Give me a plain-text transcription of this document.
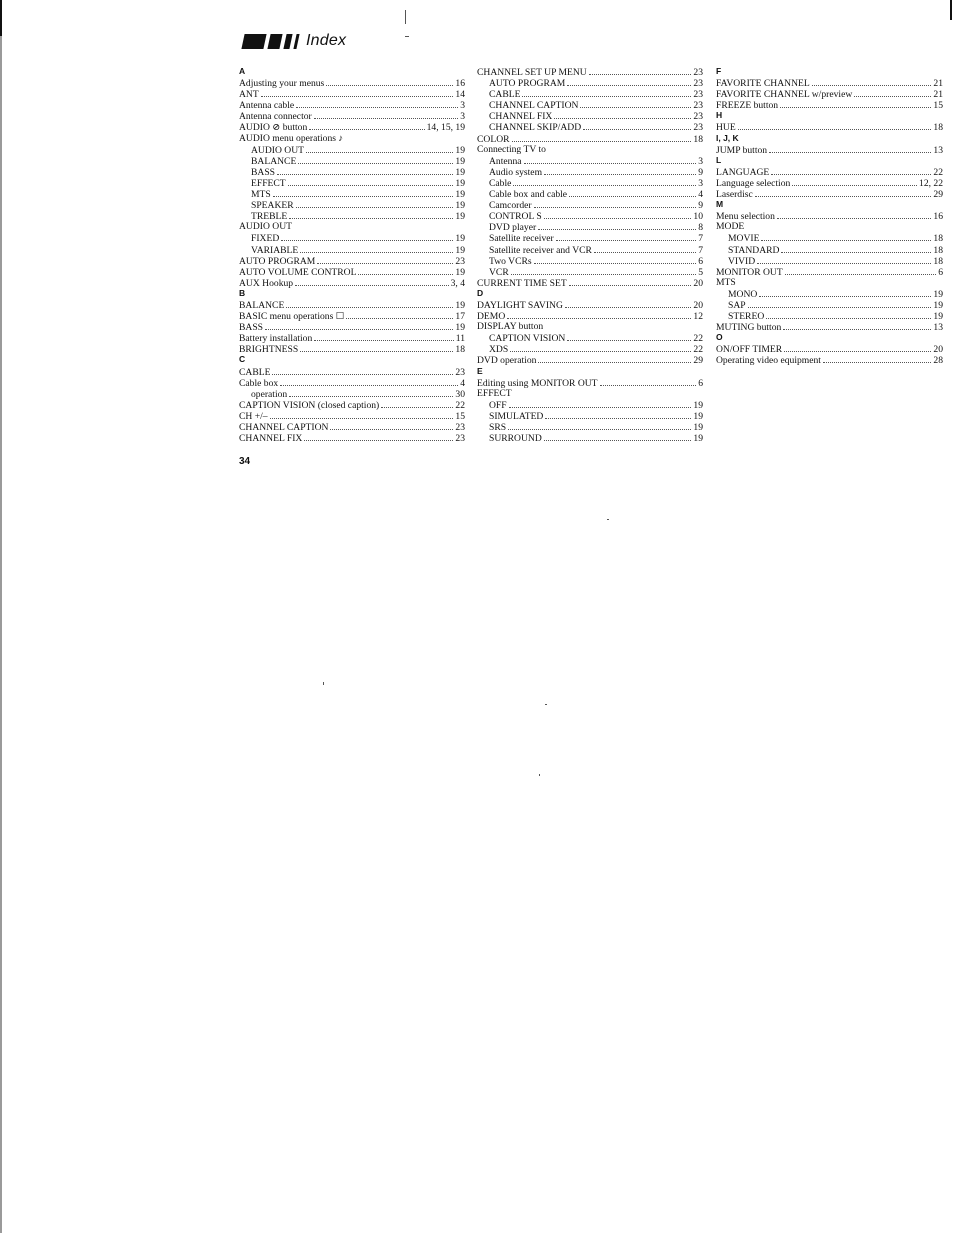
Index
A
Adjusting your menus	16
ANT	14
Antenna cable	3
Antenna connector	3
AUDIO ⊘ button	14, 15, 19
AUDIO menu operations ♪
AUDIO OUT	19
BALANCE	19
BASS	19
EFFECT	19
MTS	19
SPEAKER	19
TREBLE	19
AUDIO OUT
FIXED	19
VARIABLE	19
AUTO PROGRAM	23
AUTO VOLUME CONTROL	19
AUX Hookup	3, 4
B
BALANCE	19
BASIC menu operations ☐	17
BASS	19
Battery installation	11
BRIGHTNESS	18
C
CABLE	23
Cable box	4
operation	30
CAPTION VISION (closed caption)	22
CH +/–	15
CHANNEL CAPTION	23
CHANNEL FIX	23
CHANNEL SET UP MENU	23
AUTO PROGRAM	23
CABLE	23
CHANNEL CAPTION	23
CHANNEL FIX	23
CHANNEL SKIP/ADD	23
COLOR	18
Connecting TV to
Antenna	3
Audio system	9
Cable	3
Cable box and cable	4
Camcorder	9
CONTROL S	10
DVD player	8
Satellite receiver	7
Satellite receiver and VCR	7
Two VCRs	6
VCR	5
CURRENT TIME SET	20
D
DAYLIGHT SAVING	20
DEMO	12
DISPLAY button
CAPTION VISION	22
XDS	22
DVD operation	29
E
Editing using MONITOR OUT	6
EFFECT
OFF	19
SIMULATED	19
SRS	19
SURROUND	19
F
FAVORITE CHANNEL	21
FAVORITE CHANNEL w/preview	21
FREEZE button	15
H
HUE	18
I, J, K
JUMP button	13
L
LANGUAGE	22
Language selection	12, 22
Laserdisc	29
M
Menu selection	16
MODE
MOVIE	18
STANDARD	18
VIVID	18
MONITOR OUT	6
MTS
MONO	19
SAP	19
STEREO	19
MUTING button	13
O
ON/OFF TIMER	20
Operating video equipment	28
34
